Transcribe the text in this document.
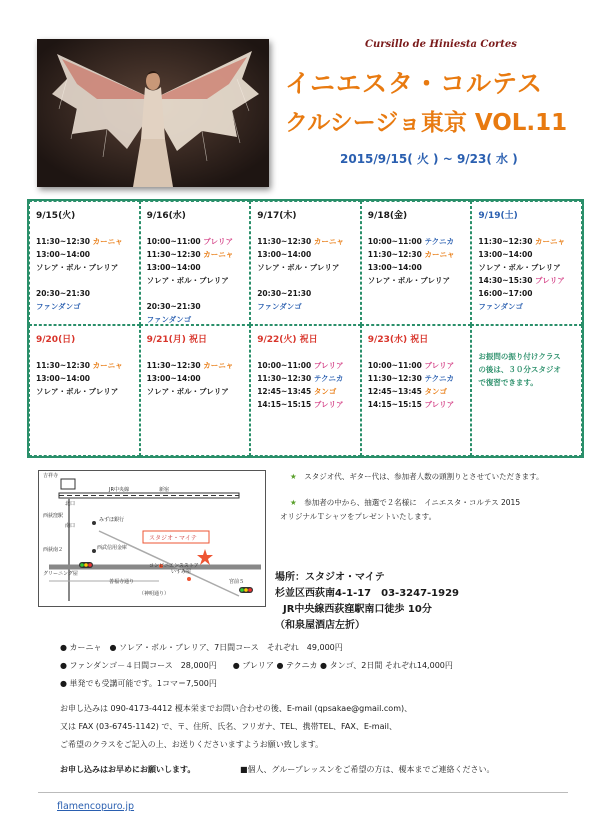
Cursillo de Hiniesta Cortes
イニエスタ・コルテス
クルシージョ東京 VOL.11
2015/9/15( 火 ) ~ 9/23( 水 )
9/15(火)
11:30~12:30 カーニャ
13:00~14:00
ソレア・ボル・ブレリア
20:30~21:30
ファンダンゴ
9/16(水)
10:00~11:00 ブレリア
11:30~12:30 カーニャ
13:00~14:00
ソレア・ボル・ブレリア
20:30~21:30
ファンダンゴ
9/17(木)
11:30~12:30 カーニャ
13:00~14:00
ソレア・ボル・ブレリア
20:30~21:30
ファンダンゴ
9/18(金)
10:00~11:00 テクニカ
11:30~12:30 カーニャ
13:00~14:00
ソレア・ボル・ブレリア
9/19(土)
11:30~12:30 カーニャ
13:00~14:00
ソレア・ボル・ブレリア
14:30~15:30 ブレリア
16:00~17:00
ファンダンゴ
9/20(日)
11:30~12:30 カーニャ
13:00~14:00
ソレア・ボル・ブレリア
9/21(月) 祝日
11:30~12:30 カーニャ
13:00~14:00
ソレア・ボル・ブレリア
9/22(火) 祝日
10:00~11:00 ブレリア
11:30~12:30 テクニカ
12:45~13:45 タンゴ
14:15~15:15 ブレリア
9/23(水) 祝日
10:00~11:00 ブレリア
11:30~12:30 テクニカ
12:45~13:45 タンゴ
14:15~15:15 ブレリア
お振問の振り付けクラス
の後は、３０分スタジオ
で復習できます。
吉祥寺
北口
JR中央線	新宿
西荻窪駅
南口
みずほ銀行
西荻南２	西武信用金庫
グリーニング屋
スタジオ・マイテ
コンビニエンスストア
いずみ屋
善福寺通り
（神明通り）
宮前５
★　 スタジオ代、ギター代は、参加者人数の頭割りとさせていただきます。
★　 参加者の中から、抽選で２名様に　イニエスタ・コルテス 2015
オリジナルＴシャツをプレゼントいたします。
場所：スタジオ・マイテ
杉並区西荻南4-1-17　03-3247-1929
JR中央線西荻窪駅南口徒歩 10分
（和泉屋酒店左折）
● カーニャ　● ソレア・ボル・ブレリア、7日間コース　それぞれ　49,000円
● ファンダンゴ－４日間コース　28,000円　　● ブレリア ● テクニカ ● タンゴ、2日間 それぞれ14,000円
● 単発でも受講可能です。1コマ＝7,500円
お申し込みは 090-4173-4412 榎本栄までお問い合わせの後、E-mail (qpsakae@gmail.com)、
又は FAX (03-6745-1142) で、〒、住所、氏名、フリガナ、TEL、携帯TEL、FAX、E-mail、
ご希望のクラスをご記入の上、お送りくださいますようお願い致します。
お申し込みはお早めにお願いします。	■個人、グループレッスンをご希望の方は、榎本までご連絡ください。
flamencopuro.jp
